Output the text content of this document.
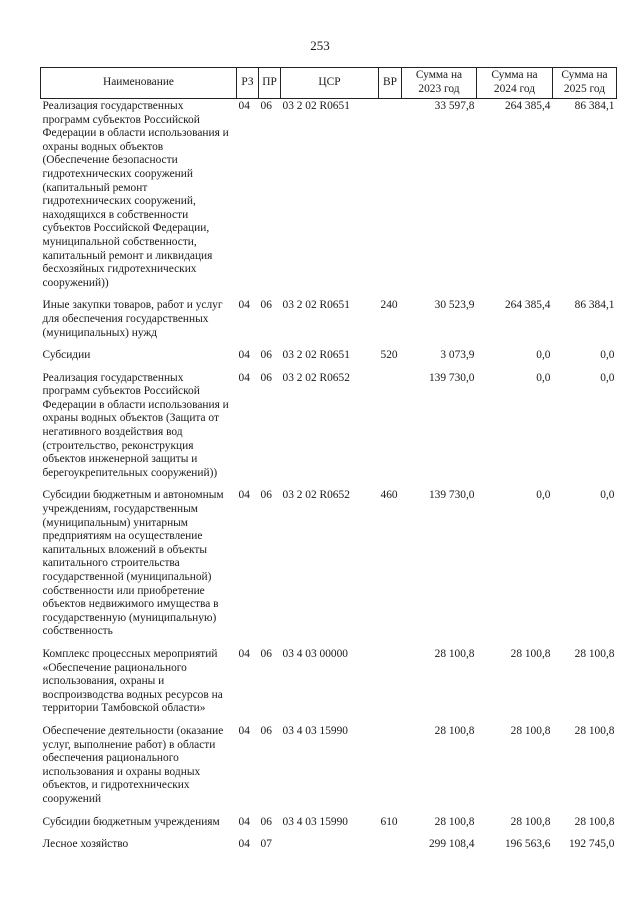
253
Наименование	РЗ	ПР	ЦСР	ВР	Сумма на 2023 год	Сумма на 2024 год	Сумма на 2025 год
Реализация государственных программ субъектов Российской Федерации в области использования и охраны водных объектов (Обеспечение безопасности гидротехнических сооружений (капитальный ремонт гидротехнических сооружений, находящихся в собственности субъектов Российской Федерации, муниципальной собственности, капитальный ремонт и ликвидация бесхозяйных гидротехнических сооружений))	04	06	03 2 02 R0651		33 597,8	264 385,4	86 384,1
Иные закупки товаров, работ и услуг для обеспечения государственных (муниципальных) нужд	04	06	03 2 02 R0651	240	30 523,9	264 385,4	86 384,1
Субсидии	04	06	03 2 02 R0651	520	3 073,9	0,0	0,0
Реализация государственных программ субъектов Российской Федерации в области использования и охраны водных объектов (Защита от негативного воздействия вод (строительство, реконструкция объектов инженерной защиты и берегоукрепительных сооружений))	04	06	03 2 02 R0652		139 730,0	0,0	0,0
Субсидии бюджетным и автономным учреждениям, государственным (муниципальным) унитарным предприятиям на осуществление капитальных вложений в объекты капитального строительства государственной (муниципальной) собственности или приобретение объектов недвижимого имущества в государственную (муниципальную) собственность	04	06	03 2 02 R0652	460	139 730,0	0,0	0,0
Комплекс процессных мероприятий «Обеспечение рационального использования, охраны и воспроизводства водных ресурсов на территории Тамбовской области»	04	06	03 4 03 00000		28 100,8	28 100,8	28 100,8
Обеспечение деятельности (оказание услуг, выполнение работ) в области обеспечения рационального использования и охраны водных объектов, и гидротехнических сооружений	04	06	03 4 03 15990		28 100,8	28 100,8	28 100,8
Субсидии бюджетным учреждениям	04	06	03 4 03 15990	610	28 100,8	28 100,8	28 100,8
Лесное хозяйство	04	07			299 108,4	196 563,6	192 745,0
